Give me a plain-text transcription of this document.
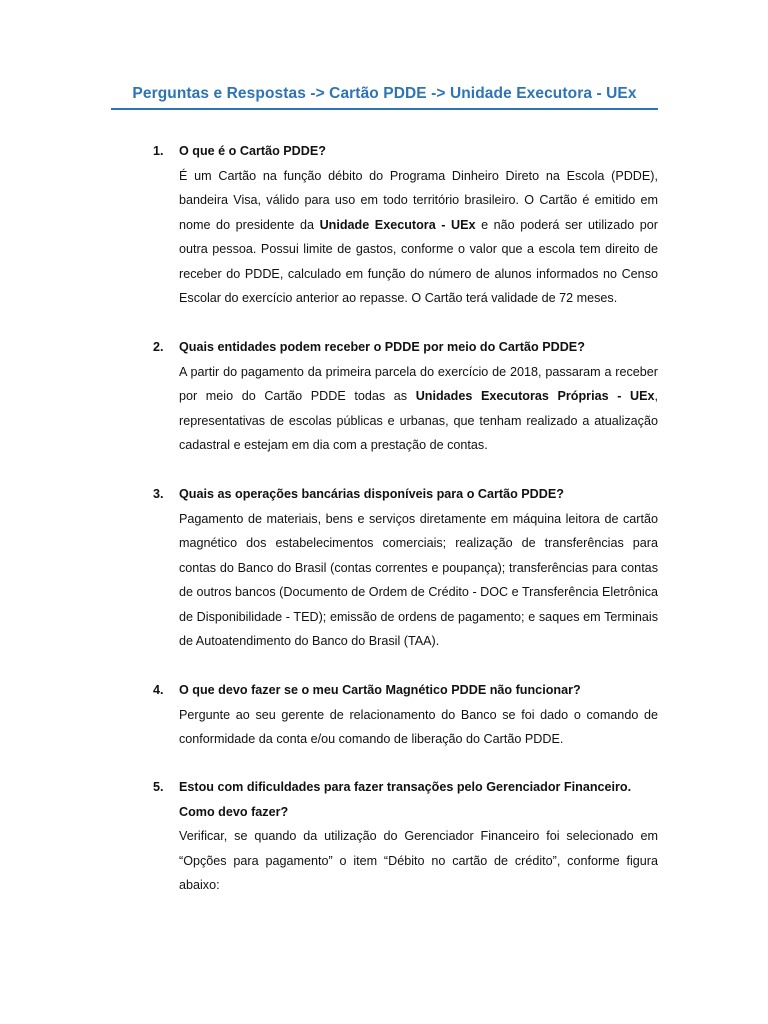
Perguntas e Respostas -> Cartão PDDE -> Unidade Executora - UEx
1.	O que é o Cartão PDDE?
É um Cartão na função débito do Programa Dinheiro Direto na Escola (PDDE), bandeira Visa, válido para uso em todo território brasileiro. O Cartão é emitido em nome do presidente da Unidade Executora - UEx e não poderá ser utilizado por outra pessoa. Possui limite de gastos, conforme o valor que a escola tem direito de receber do PDDE, calculado em função do número de alunos informados no Censo Escolar do exercício anterior ao repasse. O Cartão terá validade de 72 meses.
2.	Quais entidades podem receber o PDDE por meio do Cartão PDDE?
A partir do pagamento da primeira parcela do exercício de 2018, passaram a receber por meio do Cartão PDDE todas as Unidades Executoras Próprias - UEx, representativas de escolas públicas e urbanas, que tenham realizado a atualização cadastral e estejam em dia com a prestação de contas.
3.	Quais as operações bancárias disponíveis para o Cartão PDDE?
Pagamento de materiais, bens e serviços diretamente em máquina leitora de cartão magnético dos estabelecimentos comerciais; realização de transferências para contas do Banco do Brasil (contas correntes e poupança); transferências para contas de outros bancos (Documento de Ordem de Crédito - DOC e Transferência Eletrônica de Disponibilidade - TED); emissão de ordens de pagamento; e saques em Terminais de Autoatendimento do Banco do Brasil (TAA).
4.	O que devo fazer se o meu Cartão Magnético PDDE não funcionar?
Pergunte ao seu gerente de relacionamento do Banco se foi dado o comando de conformidade da conta e/ou comando de liberação do Cartão PDDE.
5.	Estou com dificuldades para fazer transações pelo Gerenciador Financeiro. Como devo fazer?
Verificar, se quando da utilização do Gerenciador Financeiro foi selecionado em “Opções para pagamento” o item “Débito no cartão de crédito”, conforme figura abaixo:
